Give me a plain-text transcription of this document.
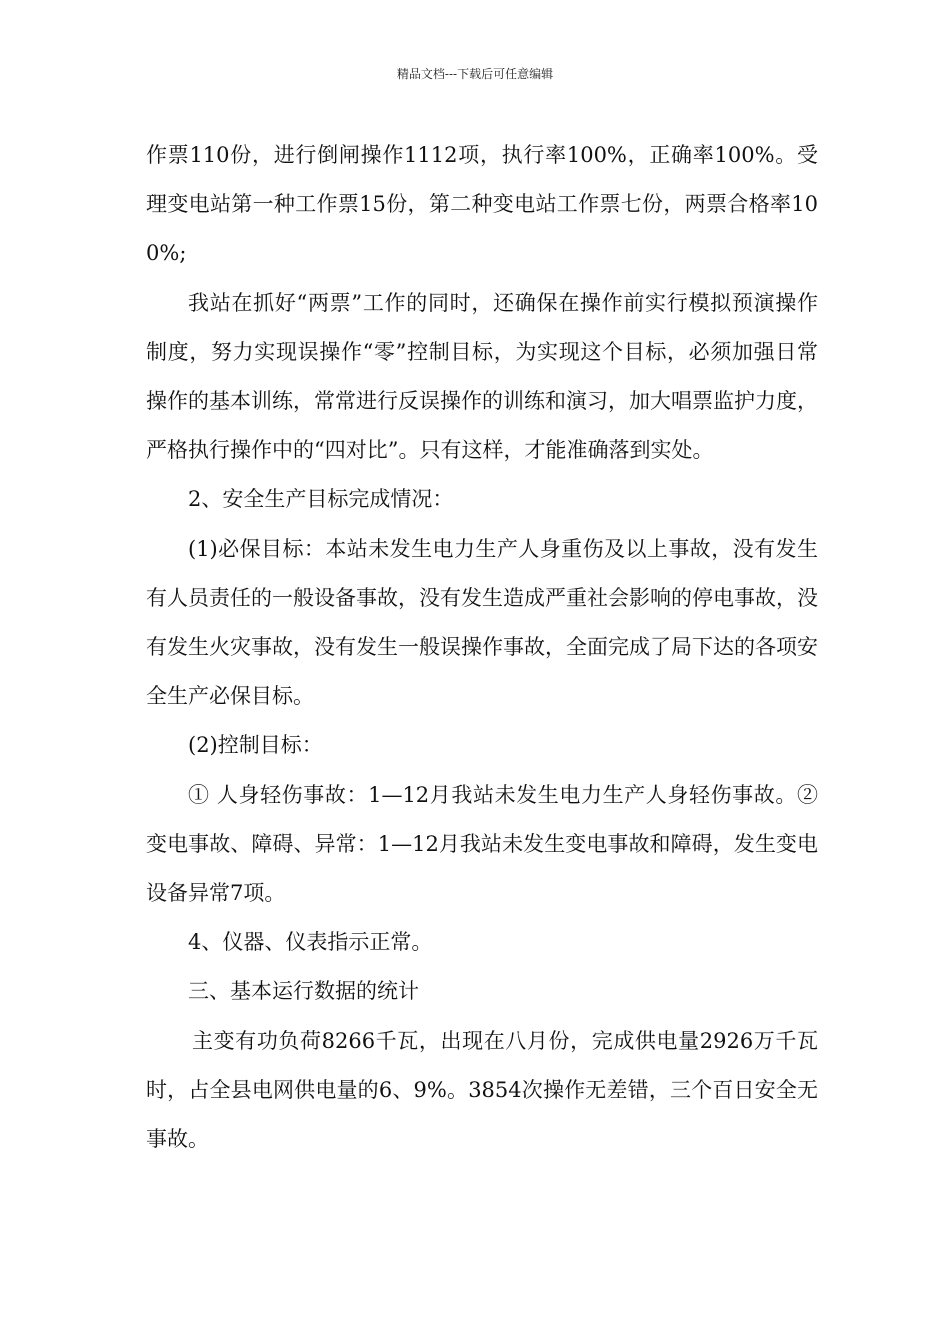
精品文档---下载后可任意编辑

作票110份，进行倒闸操作1112项，执行率100%，正确率100%。受理变电站第一种工作票15份，第二种变电站工作票七份，两票合格率100%;

我站在抓好“两票”工作的同时，还确保在操作前实行模拟预演操作制度，努力实现误操作“零”控制目标，为实现这个目标，必须加强日常操作的基本训练，常常进行反误操作的训练和演习，加大唱票监护力度，严格执行操作中的“四对比”。只有这样，才能准确落到实处。

2、安全生产目标完成情况：

(1)必保目标：本站未发生电力生产人身重伤及以上事故，没有发生有人员责任的一般设备事故，没有发生造成严重社会影响的停电事故，没有发生火灾事故，没有发生一般误操作事故，全面完成了局下达的各项安全生产必保目标。

(2)控制目标：

① 人身轻伤事故：1—12月我站未发生电力生产人身轻伤事故。②变电事故、障碍、异常：1—12月我站未发生变电事故和障碍，发生变电设备异常7项。

4、仪器、仪表指示正常。

三、基本运行数据的统计

主变有功负荷8266千瓦，出现在八月份，完成供电量2926万千瓦时，占全县电网供电量的6、9%。3854次操作无差错，三个百日安全无事故。
